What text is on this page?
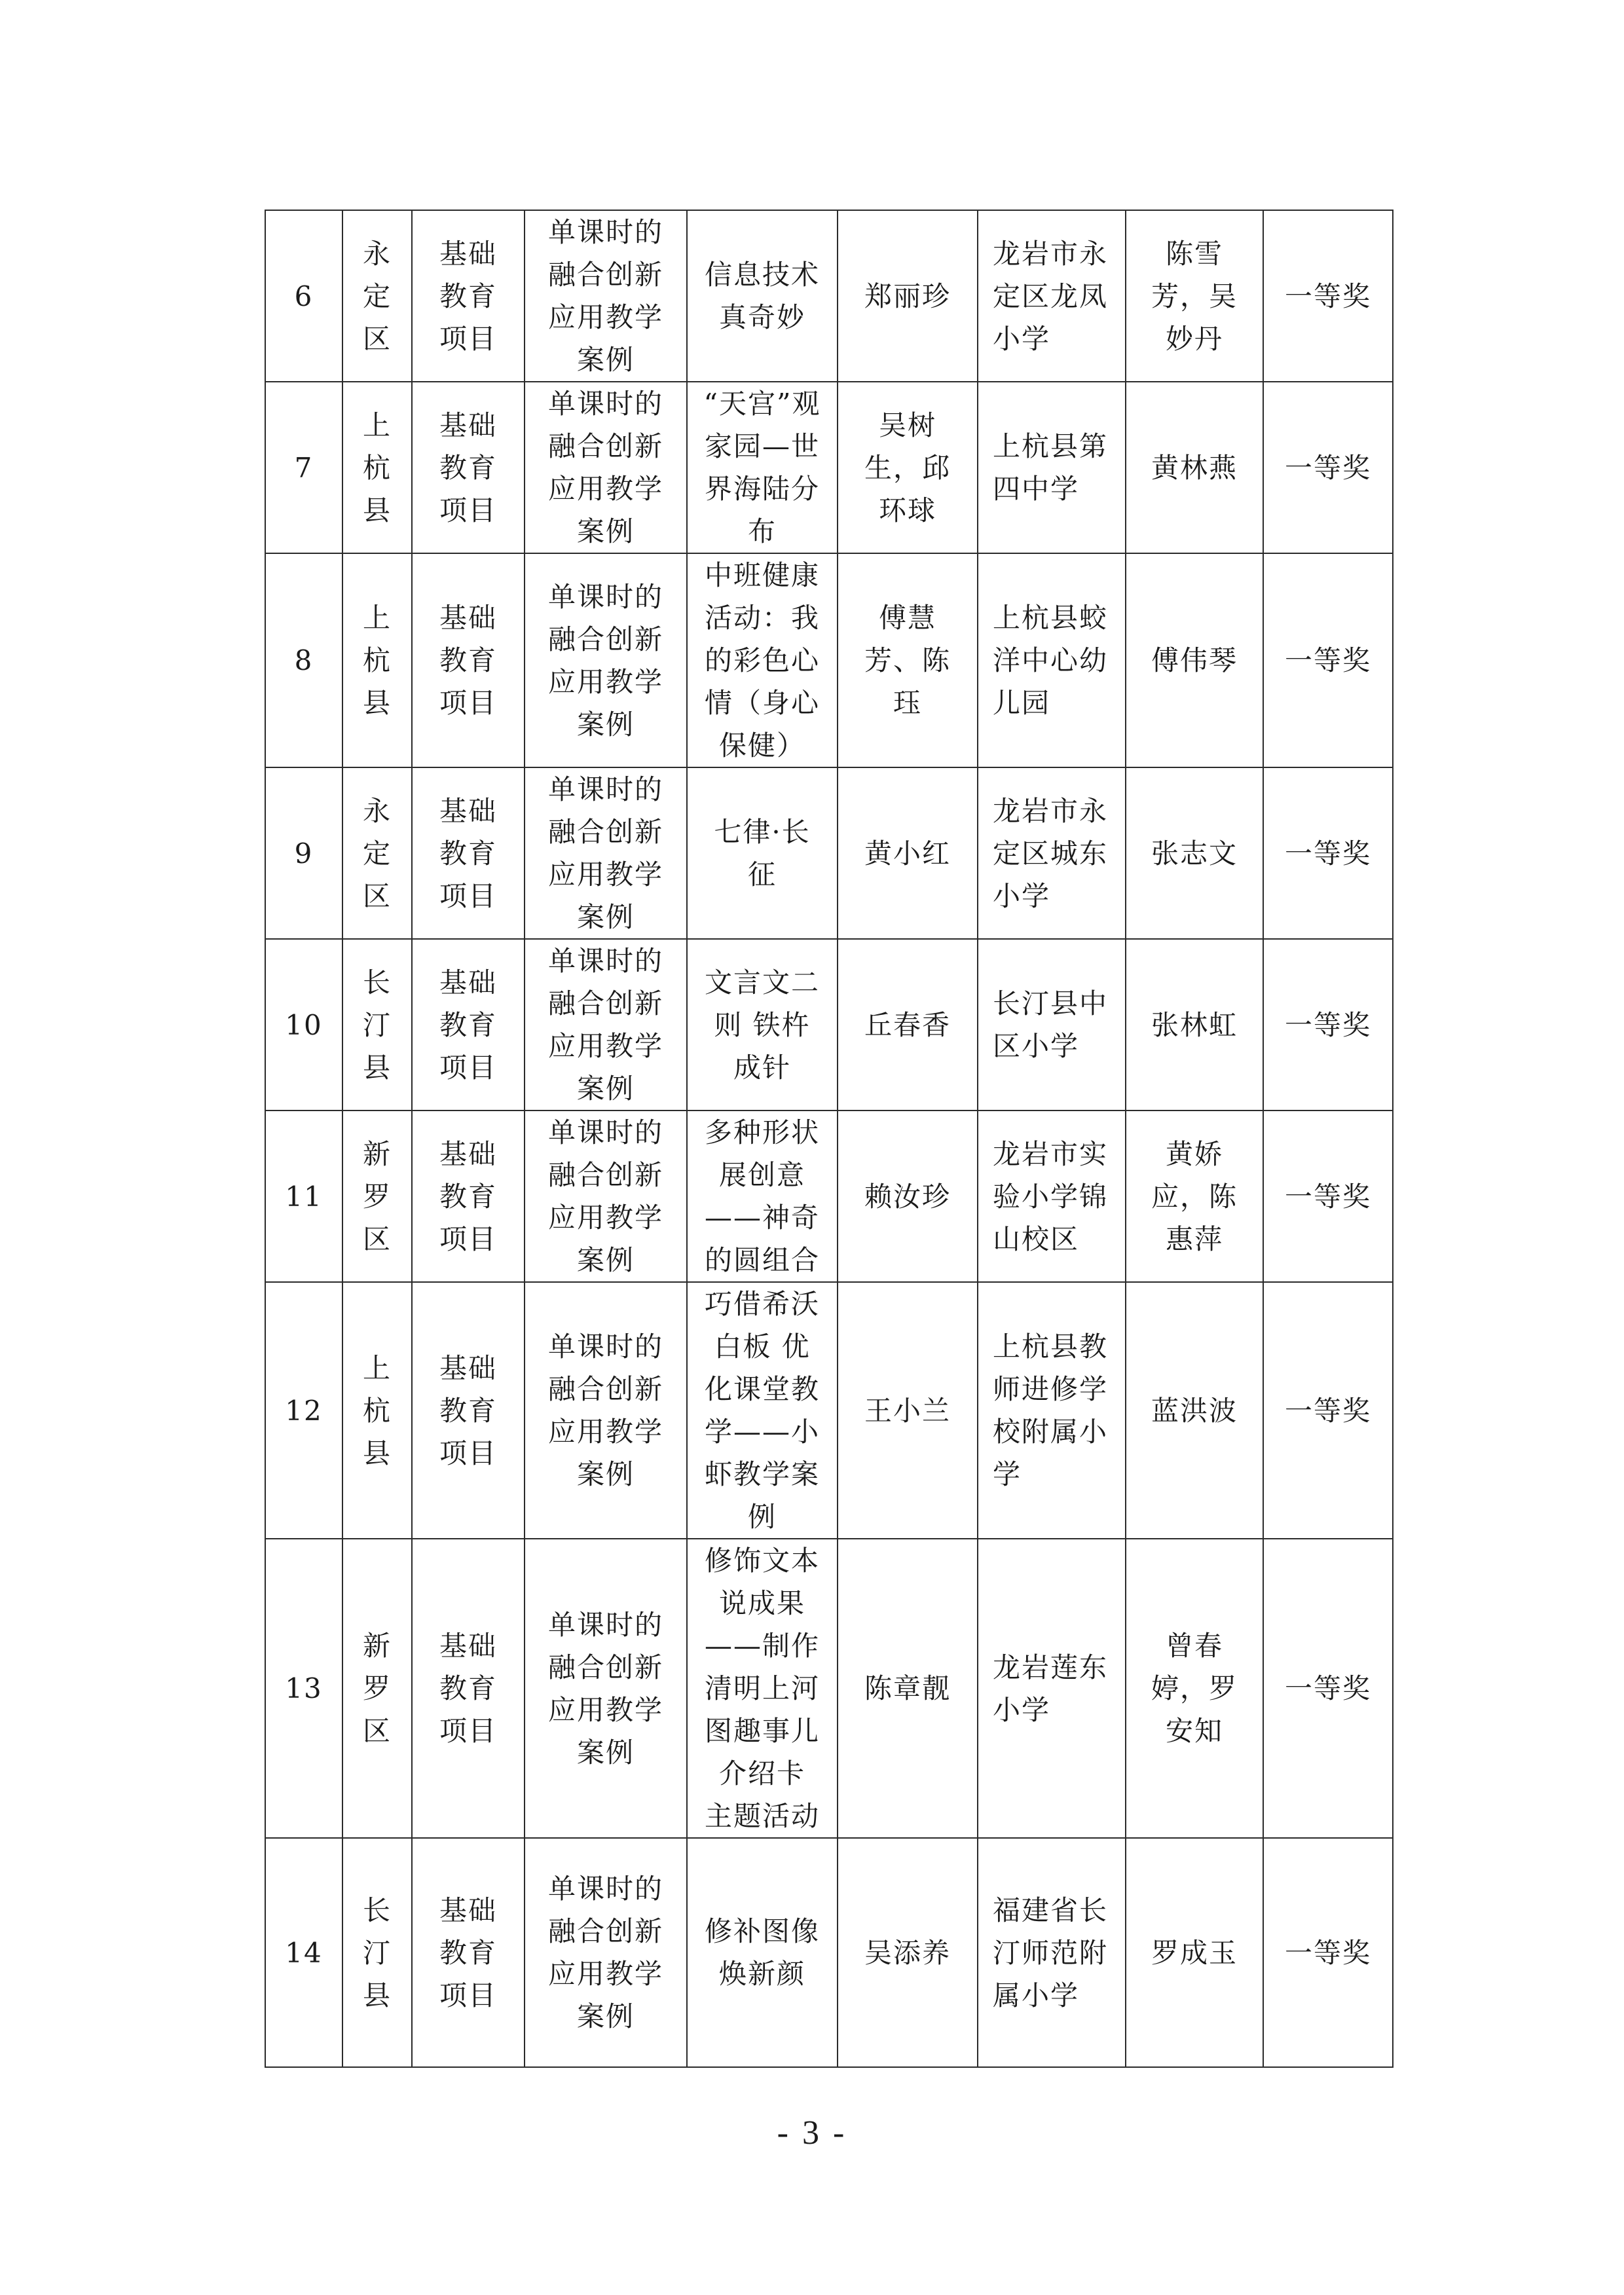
6	永定区	基础教育项目	单课时的融合创新应用教学案例	信息技术真奇妙	郑丽珍	龙岩市永定区龙凤小学	陈雪芳，吴妙丹	一等奖

7	上杭县	基础教育项目	单课时的融合创新应用教学案例	“天宫”观家园—世界海陆分布	吴树生，邱环球	上杭县第四中学	黄林燕	一等奖

8	上杭县	基础教育项目	单课时的融合创新应用教学案例	中班健康活动：我的彩色心情（身心保健）	傅慧芳、陈珏	上杭县蛟洋中心幼儿园	傅伟琴	一等奖

9	永定区	基础教育项目	单课时的融合创新应用教学案例	七律·长征	黄小红	龙岩市永定区城东小学	张志文	一等奖

10	长汀县	基础教育项目	单课时的融合创新应用教学案例	文言文二则 铁杵成针	丘春香	长汀县中区小学	张林虹	一等奖

11	新罗区	基础教育项目	单课时的融合创新应用教学案例	多种形状展创意——神奇的圆组合	赖汝珍	龙岩市实验小学锦山校区	黄娇应，陈惠萍	一等奖

12	上杭县	基础教育项目	单课时的融合创新应用教学案例	巧借希沃白板 优化课堂教学——小虾教学案例	王小兰	上杭县教师进修学校附属小学	蓝洪波	一等奖

13	新罗区	基础教育项目	单课时的融合创新应用教学案例	修饰文本说成果——制作清明上河图趣事儿介绍卡 主题活动	陈章靓	龙岩莲东小学	曾春婷，罗安知	一等奖

14	长汀县	基础教育项目	单课时的融合创新应用教学案例	修补图像焕新颜	吴添养	福建省长汀师范附属小学	罗成玉	一等奖
- 3 -
